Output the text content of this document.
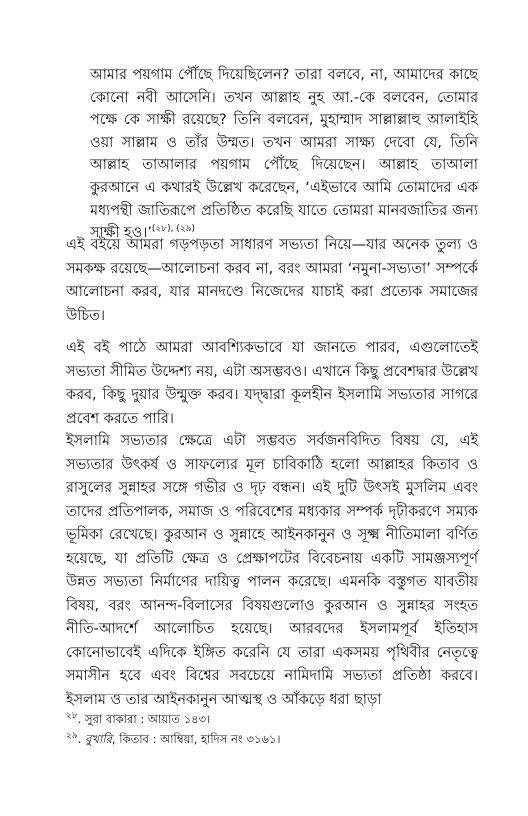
আমার পয়গাম পৌঁছে দিয়েছিলেন? তারা বলবে, না, আমাদের কাছে কোনো নবী আসেনি। তখন আল্লাহ নুহ আ.-কে বলবেন, তোমার পক্ষে কে সাক্ষী রয়েছে? তিনি বলবেন, মুহাম্মাদ সাল্লাল্লাহু আলাইহি ওয়া সাল্লাম ও তাঁর উম্মত। তখন আমরা সাক্ষ্য দেবো যে, তিনি আল্লাহ তাআলার পয়গাম পৌঁছে দিয়েছেন। আল্লাহ তাআলা কুরআনে এ কথারই উল্লেখ করেছেন, ‘এইভাবে আমি তোমাদের এক মধ্যপন্থী জাতিরূপে প্রতিষ্ঠিত করেছি যাতে তোমরা মানবজাতির জন্য সাক্ষী হও।’$^{(২৮), (২৯)}$
এই বইয়ে আমরা গড়পড়তা সাধারণ সভ্যতা নিয়ে—যার অনেক তুল্য ও সমকক্ষ রয়েছে—আলোচনা করব না, বরং আমরা ‘নমুনা-সভ্যতা’ সম্পর্কে আলোচনা করব, যার মানদণ্ডে নিজেদের যাচাই করা প্রত্যেক সমাজের উচিত।
এই বই পাঠে আমরা আবশ্যিকভাবে যা জানতে পারব, এগুলোতেই সভ্যতা সীমিত উদ্দেশ্য নয়, এটা অসম্ভবও। এখানে কিছু প্রবেশদ্বার উল্লেখ করব, কিছু দুয়ার উন্মুক্ত করব। যদ্দ্বারা কূলহীন ইসলামি সভ্যতার সাগরে প্রবেশ করতে পারি।
ইসলামি সভ্যতার ক্ষেত্রে এটা সম্ভবত সর্বজনবিদিত বিষয় যে, এই সভ্যতার উৎকর্ষ ও সাফল্যের মূল চাবিকাঠি হলো আল্লাহর কিতাব ও রাসুলের সুন্নাহর সঙ্গে গভীর ও দৃঢ় বন্ধন। এই দুটি উৎসই মুসলিম এবং তাদের প্রতিপালক, সমাজ ও পরিবেশের মধ্যকার সম্পর্ক দৃঢ়ীকরণে সম্যক ভূমিকা রেখেছে। কুরআন ও সুন্নাহে আইনকানুন ও সূক্ষ্ম নীতিমালা বর্ণিত হয়েছে, যা প্রতিটি ক্ষেত্র ও প্রেক্ষাপটের বিবেচনায় একটি সামঞ্জস্যপূর্ণ উন্নত সভ্যতা নির্মাণের দায়িত্ব পালন করেছে। এমনকি বস্তুগত যাবতীয় বিষয়, বরং আনন্দ-বিলাসের বিষয়গুলোও কুরআন ও সুন্নাহর সংহত নীতি-আদর্শে আলোচিত হয়েছে। আরবদের ইসলামপূর্ব ইতিহাস কোনোভাবেই এদিকে ইঙ্গিত করেনি যে তারা একসময় পৃথিবীর নেতৃত্বে সমাসীন হবে এবং বিশ্বের সবচেয়ে নামিদামি সভ্যতা প্রতিষ্ঠা করবে। ইসলাম ও তার আইনকানুন আত্মস্থ ও আঁকড়ে ধরা ছাড়া
$^{২৮}$. সুরা বাকারা : আয়াত ১৪৩।
$^{২৯}$. বুখারি, কিতাব : আম্বিয়া, হাদিস নং ৩১৬১।
